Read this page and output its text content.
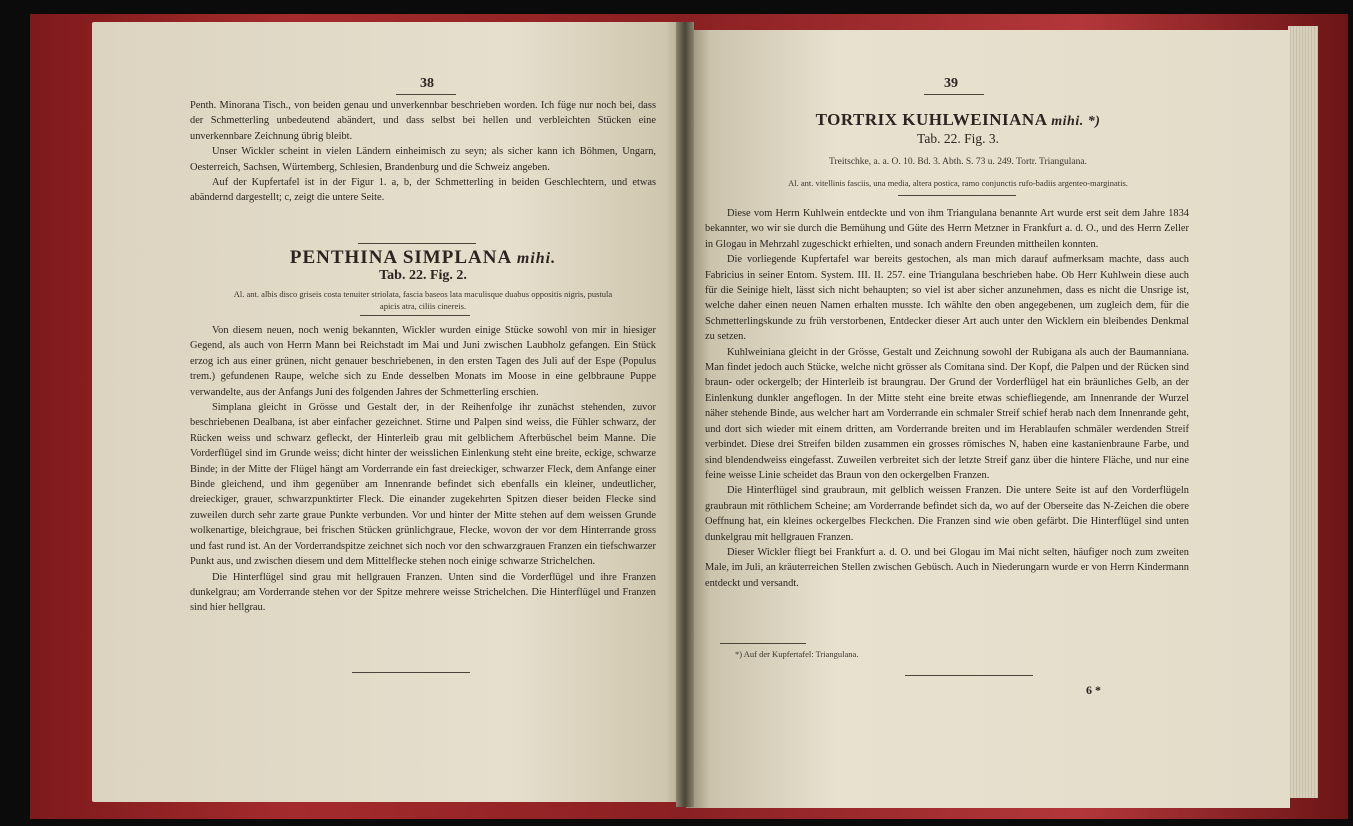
38

Penth. Minorana Tisch., von beiden genau und unverkennbar beschrieben worden. Ich füge nur noch bei, dass der Schmetterling unbedeutend abändert, und dass selbst bei hellen und verbleichten Stücken eine unverkennbare Zeichnung übrig bleibt.

Unser Wickler scheint in vielen Ländern einheimisch zu seyn; als sicher kann ich Böhmen, Ungarn, Oesterreich, Sachsen, Würtemberg, Schlesien, Brandenburg und die Schweiz angeben.

Auf der Kupfertafel ist in der Figur 1. a, b, der Schmetterling in beiden Geschlechtern, und etwas abändernd dargestellt; c, zeigt die untere Seite.

PENTHINA SIMPLANA mihi.
Tab. 22. Fig. 2.
Al. ant. albis disco griseis costa tenuiter striolata, fascia baseos lata maculisque duabus oppositis nigris, pustula apicis atra, ciliis cinereis.

Von diesem neuen, noch wenig bekannten, Wickler wurden einige Stücke sowohl von mir in hiesiger Gegend, als auch von Herrn Mann bei Reichstadt im Mai und Juni zwischen Laubholz gefangen. Ein Stück erzog ich aus einer grünen, nicht genauer beschriebenen, in den ersten Tagen des Juli auf der Espe (Populus trem.) gefundenen Raupe, welche sich zu Ende desselben Monats im Moose in eine gelbbraune Puppe verwandelte, aus der Anfangs Juni des folgenden Jahres der Schmetterling erschien.

Simplana gleicht in Grösse und Gestalt der, in der Reihenfolge ihr zunächst stehenden, zuvor beschriebenen Dealbana, ist aber einfacher gezeichnet. Stirne und Palpen sind weiss, die Fühler schwarz, der Rücken weiss und schwarz gefleckt, der Hinterleib grau mit gelblichem Afterbüschel beim Manne. Die Vorderflügel sind im Grunde weiss; dicht hinter der weisslichen Einlenkung steht eine breite, eckige, schwarze Binde; in der Mitte der Flügel hängt am Vorderrande ein fast dreieckiger, schwarzer Fleck, dem Anfange einer Binde gleichend, und ihm gegenüber am Innenrande befindet sich ebenfalls ein kleiner, undeutlicher, dreieckiger, grauer, schwarzpunktirter Fleck. Die einander zugekehrten Spitzen dieser beiden Flecke sind zuweilen durch sehr zarte graue Punkte verbunden. Vor und hinter der Mitte stehen auf dem weissen Grunde wolkenartige, bleichgraue, bei frischen Stücken grünlichgraue, Flecke, wovon der vor dem Hinterrande gross und fast rund ist. An der Vorderrandspitze zeichnet sich noch vor den schwarzgrauen Franzen ein tiefschwarzer Punkt aus, und zwischen diesem und dem Mittelflecke stehen noch einige schwarze Strichelchen.

Die Hinterflügel sind grau mit hellgrauen Franzen. Unten sind die Vorderflügel und ihre Franzen dunkelgrau; am Vorderrande stehen vor der Spitze mehrere weisse Strichelchen. Die Hinterflügel und Franzen sind hier hellgrau.

39
TORTRIX KUHLWEINIANA mihi. *)
Tab. 22. Fig. 3.
Treitschke, a. a. O. 10. Bd. 3. Abth. S. 73 u. 249. Tortr. Triangulana.
Al. ant. vitellinis fasciis, una media, altera postica, ramo conjunctis rufo-badiis argenteo-marginatis.

Diese vom Herrn Kuhlwein entdeckte und von ihm Triangulana benannte Art wurde erst seit dem Jahre 1834 bekannter, wo wir sie durch die Bemühung und Güte des Herrn Metzner in Frankfurt a. d. O., und des Herrn Zeller in Glogau in Mehrzahl zugeschickt erhielten, und sonach andern Freunden mittheilen konnten.

Die vorliegende Kupfertafel war bereits gestochen, als man mich darauf aufmerksam machte, dass auch Fabricius in seiner Entom. System. III. II. 257. eine Triangulana beschrieben habe. Ob Herr Kuhlwein diese auch für die Seinige hielt, lässt sich nicht behaupten; so viel ist aber sicher anzunehmen, dass es nicht die Unsrige ist, welche daher einen neuen Namen erhalten musste. Ich wählte den oben angegebenen, um zugleich dem, für die Schmetterlingskunde zu früh verstorbenen, Entdecker dieser Art auch unter den Wicklern ein bleibendes Denkmal zu setzen.

Kuhlweiniana gleicht in der Grösse, Gestalt und Zeichnung sowohl der Rubigana als auch der Baumanniana. Man findet jedoch auch Stücke, welche nicht grösser als Comitana sind. Der Kopf, die Palpen und der Rücken sind braun- oder ockergelb; der Hinterleib ist braungrau. Der Grund der Vorderflügel hat ein bräunliches Gelb, an der Einlenkung dunkler angeflogen. In der Mitte steht eine breite etwas schiefliegende, am Innenrande der Wurzel näher stehende Binde, aus welcher hart am Vorderrande ein schmaler Streif schief herab nach dem Innenrande geht, und dort sich wieder mit einem dritten, am Vorderrande breiten und im Herablaufen schmäler werdenden Streif verbindet. Diese drei Streifen bilden zusammen ein grosses römisches N, haben eine kastanienbraune Farbe, und sind blendendweiss eingefasst. Zuweilen verbreitet sich der letzte Streif ganz über die hintere Fläche, und nur eine feine weisse Linie scheidet das Braun von den ockergelben Franzen.

Die Hinterflügel sind graubraun, mit gelblich weissen Franzen. Die untere Seite ist auf den Vorderflügeln graubraun mit röthlichem Scheine; am Vorderrande befindet sich da, wo auf der Oberseite das N-Zeichen die obere Oeffnung hat, ein kleines ockergelbes Fleckchen. Die Franzen sind wie oben gefärbt. Die Hinterflügel sind unten dunkelgrau mit hellgrauen Franzen.

Dieser Wickler fliegt bei Frankfurt a. d. O. und bei Glogau im Mai nicht selten, häufiger noch zum zweiten Male, im Juli, an kräuterreichen Stellen zwischen Gebüsch. Auch in Niederungarn wurde er von Herrn Kindermann entdeckt und versandt.

*) Auf der Kupfertafel: Triangulana.
6 *
